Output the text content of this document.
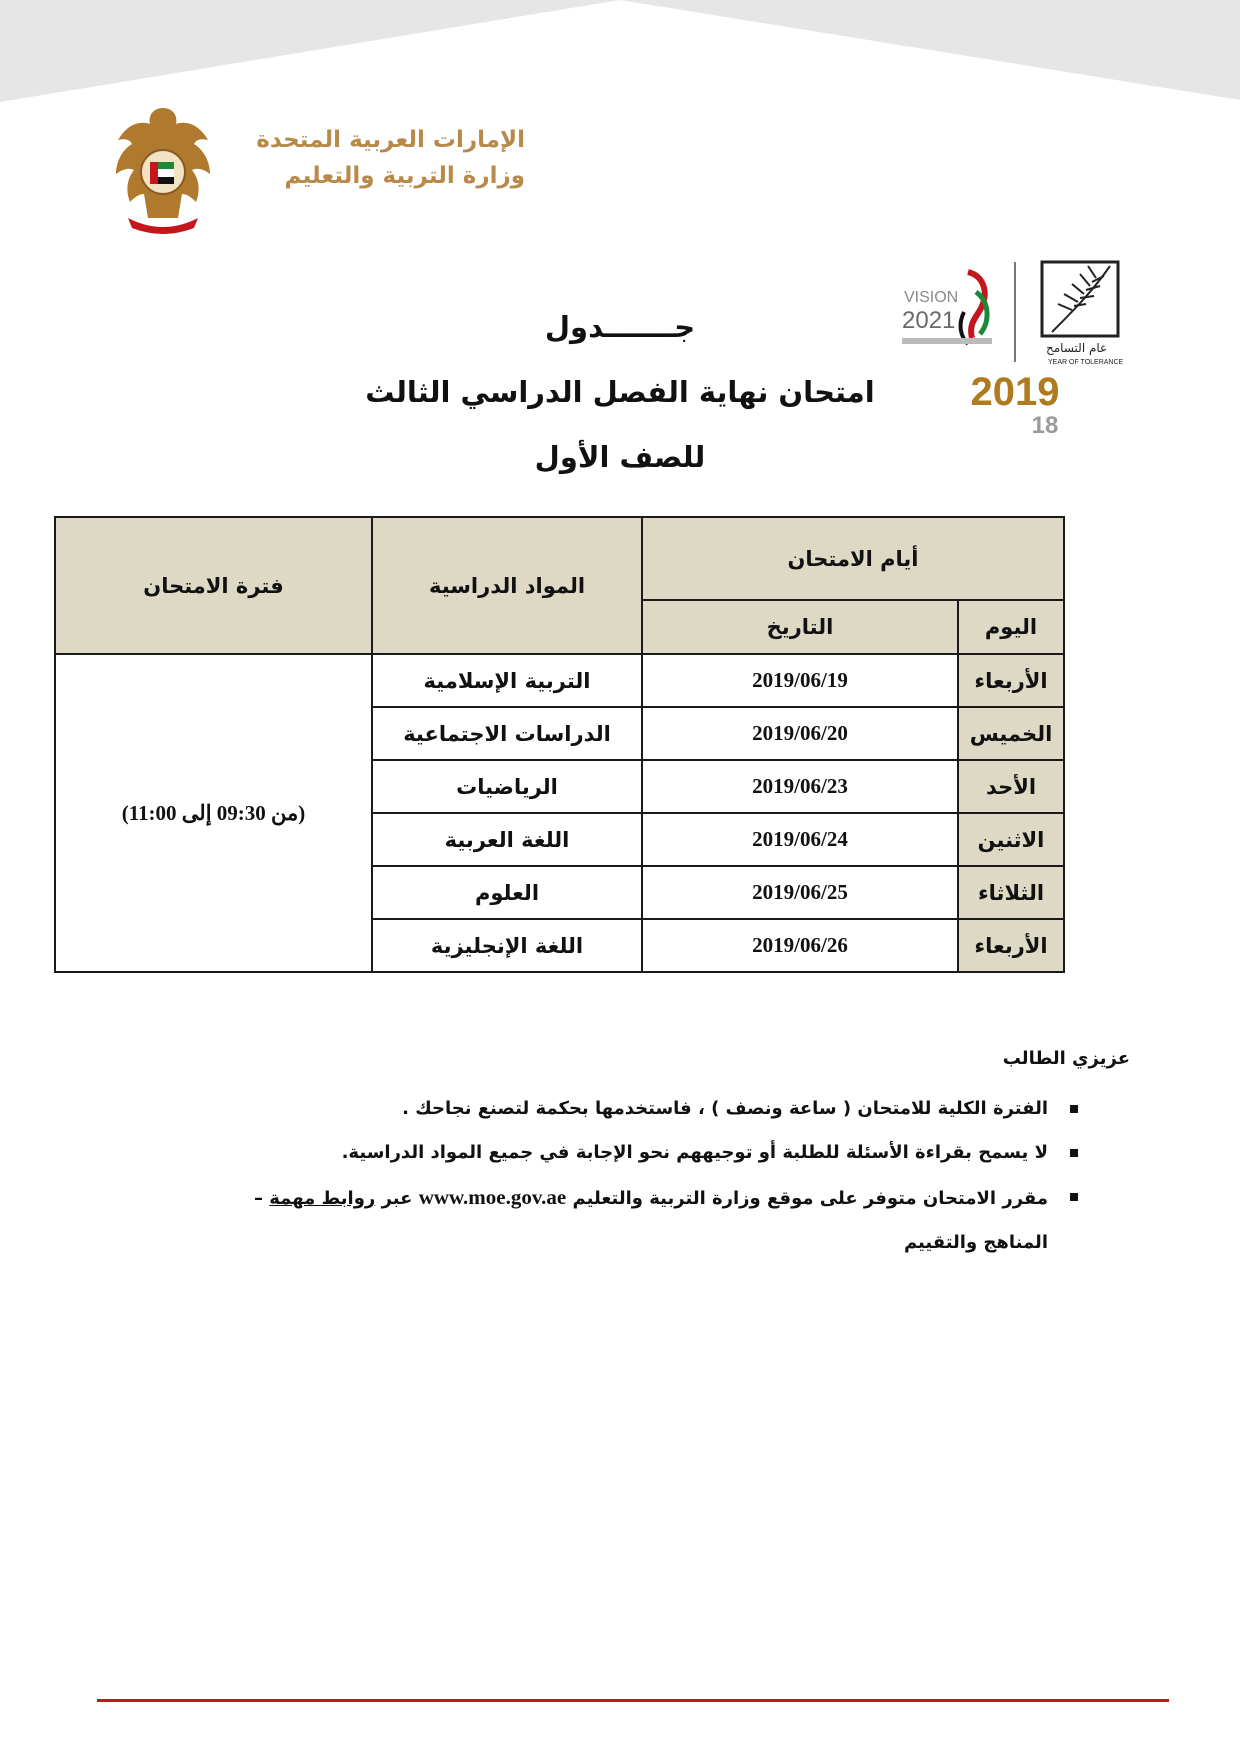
الإمارات العربية المتحدة
وزارة التربية والتعليم
VISION
2021
عام التسامح
YEAR OF TOLERANCE
2019
18
جـــــــدول
امتحان نهاية الفصل الدراسي الثالث
للصف الأول
أيام الامتحان		المواد الدراسية	فترة الامتحان
اليوم	التاريخ		
الأربعاء	2019/06/19	التربية الإسلامية	(من 09:30 إلى 11:00)
الخميس	2019/06/20	الدراسات الاجتماعية	
الأحد	2019/06/23	الرياضيات	
الاثنين	2019/06/24	اللغة العربية	
الثلاثاء	2019/06/25	العلوم	
الأربعاء	2019/06/26	اللغة الإنجليزية	
عزيزي الطالب
الفترة الكلية للامتحان ( ساعة ونصف ) ، فاستخدمها بحكمة لتصنع نجاحك .
لا يسمح بقراءة الأسئلة للطلبة أو توجيههم نحو الإجابة في جميع المواد الدراسية.
مقرر الامتحان متوفر على موقع وزارة التربية والتعليم www.moe.gov.ae عبر روابط مهمة –
المناهج والتقييم
